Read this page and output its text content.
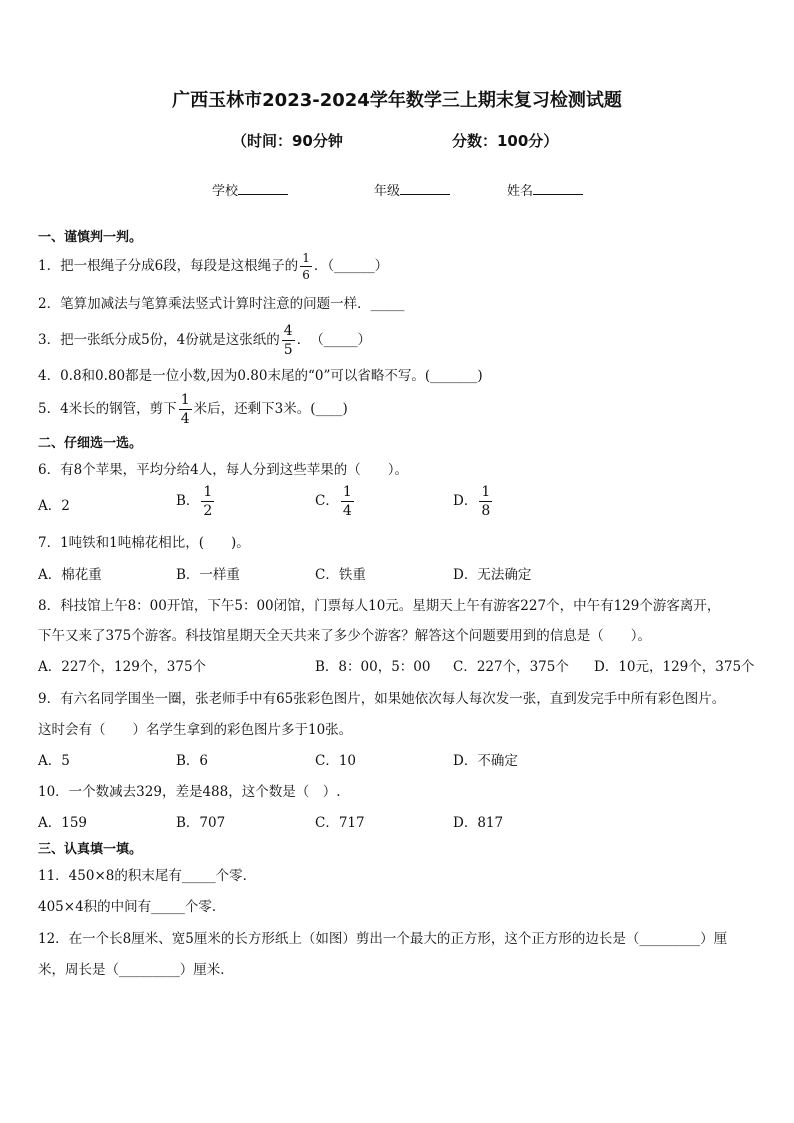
广西玉林市2023-2024学年数学三上期末复习检测试题
（时间：90分钟	分数：100分）
学校	年级	姓名
一、谨慎判一判。
1．把一根绳子分成6段，每段是这根绳子的 $\frac{1}{6}$ ．（______）
2．笔算加减法与笔算乘法竖式计算时注意的问题一样．_____
3．把一张纸分成5份，4份就是这张纸的 $\frac{4}{5}$ ．　（_____）
4．0.8和0.80都是一位小数,因为0.80末尾的“0”可以省略不写。(_______)
5．4米长的钢管，剪下 $\frac{1}{4}$ 米后，还剩下3米。(____)
二、仔细选一选。
6．有8个苹果，平均分给4人，每人分到这些苹果的（　　）。
A．2	B． $\frac{1}{2}$	C． $\frac{1}{4}$	D． $\frac{1}{8}$
7．1吨铁和1吨棉花相比，(　　)。
A．棉花重	B．一样重	C．铁重	D．无法确定
8．科技馆上午8：00开馆，下午5：00闭馆，门票每人10元。星期天上午有游客227个，中午有129个游客离开，
下午又来了375个游客。科技馆星期天全天共来了多少个游客？解答这个问题要用到的信息是（　　）。
A．227个，129个，375个	B．8：00，5：00 C．227个，375个 D．10元，129个，375个
9．有六名同学围坐一圈，张老师手中有65张彩色图片，如果她依次每人每次发一张，直到发完手中所有彩色图片。
这时会有（　　）名学生拿到的彩色图片多于10张。
A．5	B．6	C．10	D．不确定
10．一个数减去329，差是488，这个数是（　）.
A．159	B．707	C．717	D．817
三、认真填一填。
11．450×8的积末尾有_____个零．
405×4积的中间有_____个零．
12．在一个长8厘米、宽5厘米的长方形纸上（如图）剪出一个最大的正方形，这个正方形的边长是（_________）厘
米，周长是（_________）厘米．
